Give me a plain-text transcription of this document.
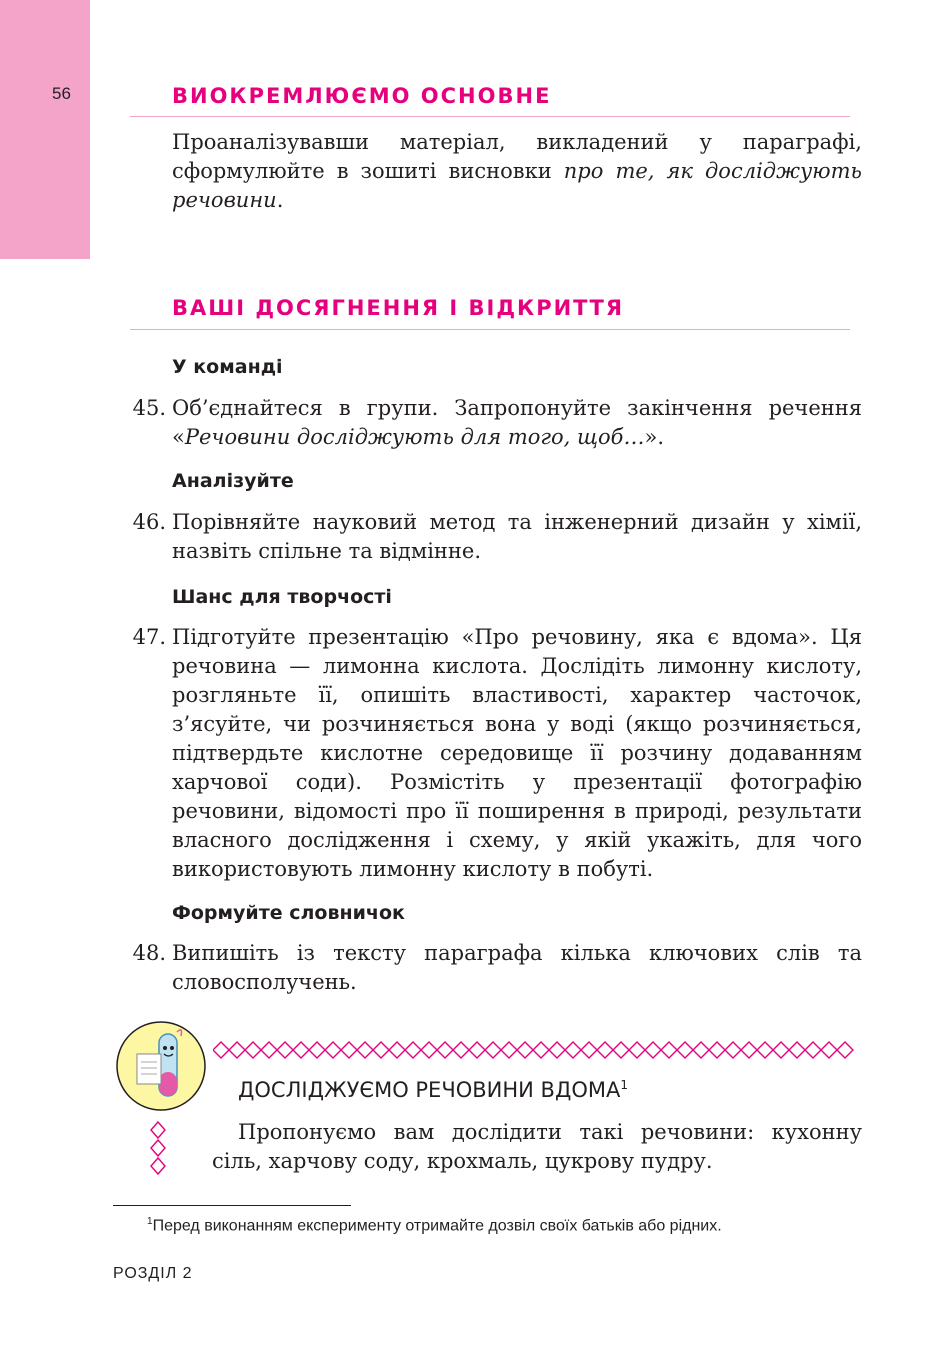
56	ВИОКРЕМЛЮЄМО ОСНОВНЕ
Проаналізувавши матеріал, викладений у параграфі, сформулюйте в зошиті висновки про те, як досліджують речовини.
ВАШІ ДОСЯГНЕННЯ І ВІДКРИТТЯ
У команді
45. Об’єднайтеся в групи. Запропонуйте закінчення речення «Речовини досліджують для того, щоб…».
Аналізуйте
46. Порівняйте науковий метод та інженерний дизайн у хімії, назвіть спільне та відмінне.
Шанс для творчості
47. Підготуйте презентацію «Про речовину, яка є вдома». Ця речовина — лимонна кислота. Дослідіть лимонну кислоту, розгляньте її, опишіть властивості, характер часточок, з’ясуйте, чи розчиняється вона у воді (якщо розчиняється, підтвердьте кислотне середовище її розчину додаванням харчової соди). Розмістіть у презентації фотографію речовини, відомості про її поширення в природі, результати власного дослідження і схему, у якій укажіть, для чого використовують лимонну кислоту в побуті.
Формуйте словничок
48. Випишіть із тексту параграфа кілька ключових слів та словосполучень.
ДОСЛІДЖУЄМО РЕЧОВИНИ ВДОМА$^1$
Пропонуємо вам дослідити такі речовини: кухонну сіль, харчову соду, крохмаль, цукрову пудру.
$^1$Перед виконанням експерименту отримайте дозвіл своїх батьків або рідних.
РОЗДІЛ 2
